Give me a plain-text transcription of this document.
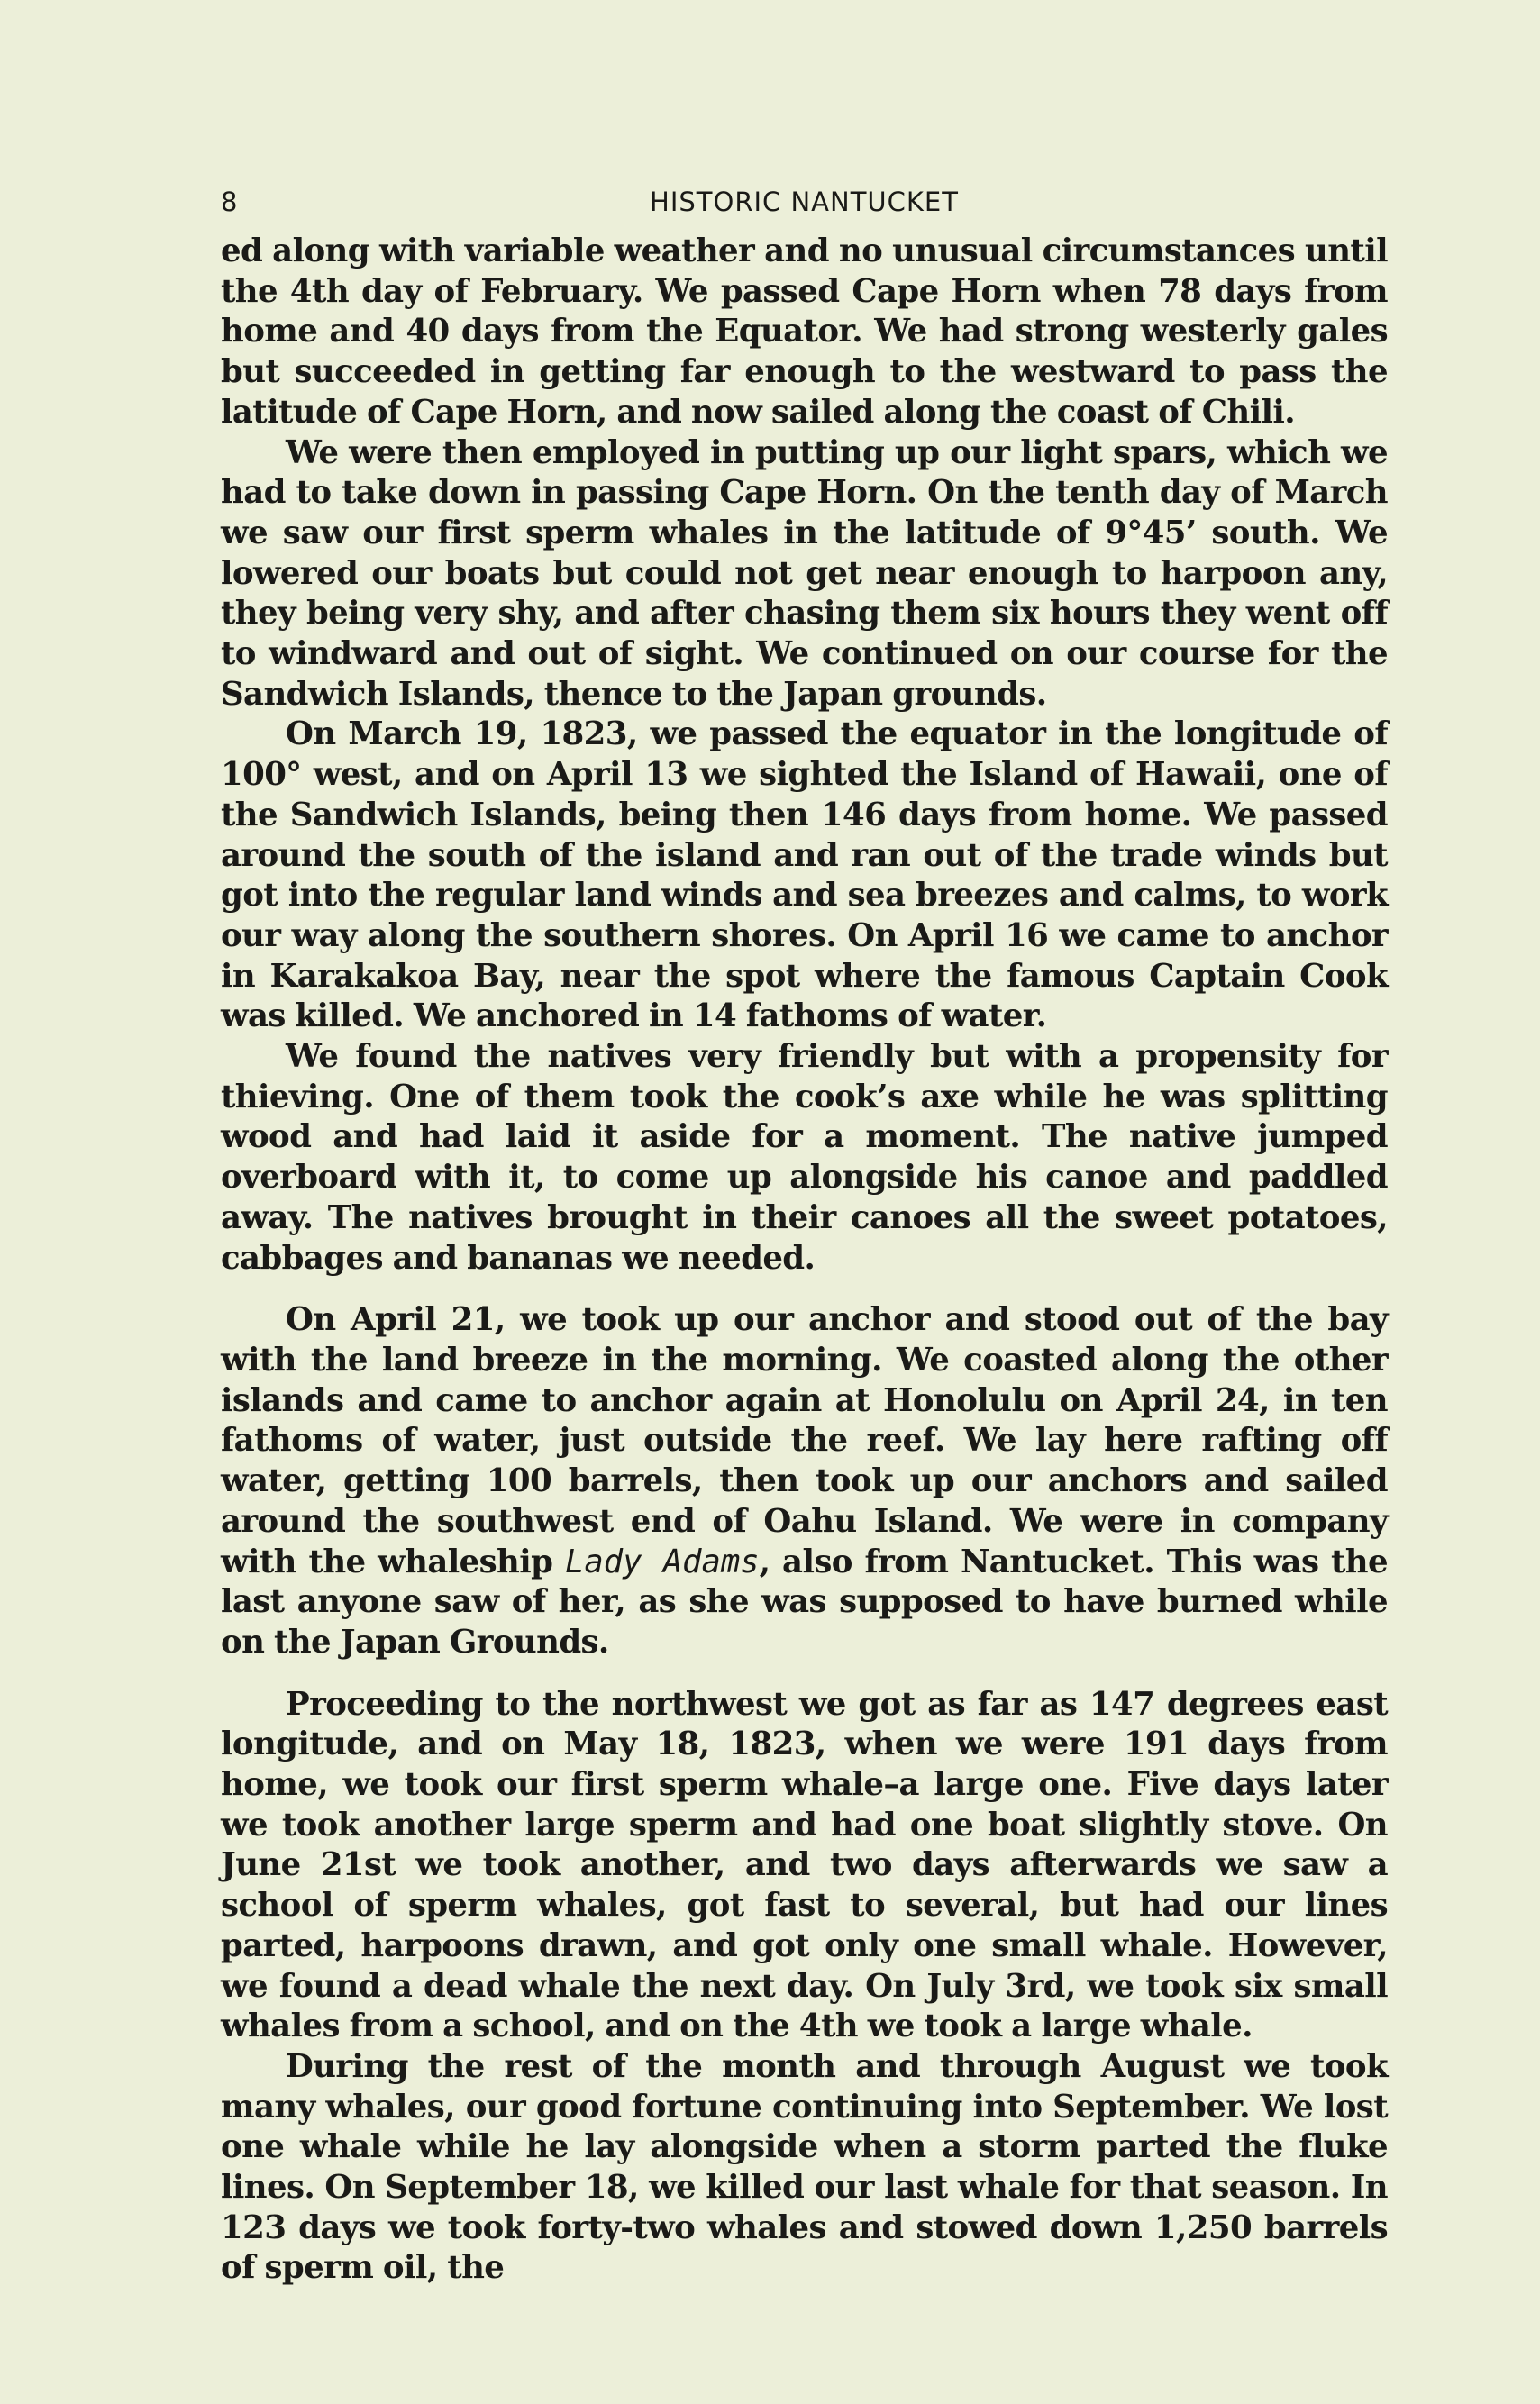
8	HISTORIC NANTUCKET

ed along with variable weather and no unusual circumstances until the 4th day of February. We passed Cape Horn when 78 days from home and 40 days from the Equator. We had strong westerly gales but succeeded in getting far enough to the westward to pass the latitude of Cape Horn, and now sailed along the coast of Chili.

We were then employed in putting up our light spars, which we had to take down in passing Cape Horn. On the tenth day of March we saw our first sperm whales in the latitude of 9°45’ south. We lowered our boats but could not get near enough to harpoon any, they being very shy, and after chasing them six hours they went off to windward and out of sight. We continued on our course for the Sandwich Islands, thence to the Japan grounds.

On March 19, 1823, we passed the equator in the longitude of 100° west, and on April 13 we sighted the Island of Hawaii, one of the Sandwich Islands, being then 146 days from home. We passed around the south of the island and ran out of the trade winds but got into the regular land winds and sea breezes and calms, to work our way along the southern shores. On April 16 we came to anchor in Karakakoa Bay, near the spot where the famous Captain Cook was killed. We anchored in 14 fathoms of water.

We found the natives very friendly but with a propensity for thieving. One of them took the cook’s axe while he was splitting wood and had laid it aside for a moment. The native jumped overboard with it, to come up alongside his canoe and paddled away. The natives brought in their canoes all the sweet potatoes, cabbages and bananas we needed.

On April 21, we took up our anchor and stood out of the bay with the land breeze in the morning. We coasted along the other islands and came to anchor again at Honolulu on April 24, in ten fathoms of water, just outside the reef. We lay here rafting off water, getting 100 barrels, then took up our anchors and sailed around the southwest end of Oahu Island. We were in company with the whaleship Lady Adams, also from Nantucket. This was the last anyone saw of her, as she was supposed to have burned while on the Japan Grounds.

Proceeding to the northwest we got as far as 147 degrees east longitude, and on May 18, 1823, when we were 191 days from home, we took our first sperm whale–a large one. Five days later we took another large sperm and had one boat slightly stove. On June 21st we took another, and two days afterwards we saw a school of sperm whales, got fast to several, but had our lines parted, harpoons drawn, and got only one small whale. However, we found a dead whale the next day. On July 3rd, we took six small whales from a school, and on the 4th we took a large whale.

During the rest of the month and through August we took many whales, our good fortune continuing into September. We lost one whale while he lay alongside when a storm parted the fluke lines. On September 18, we killed our last whale for that season. In 123 days we took forty-two whales and stowed down 1,250 barrels of sperm oil, the
